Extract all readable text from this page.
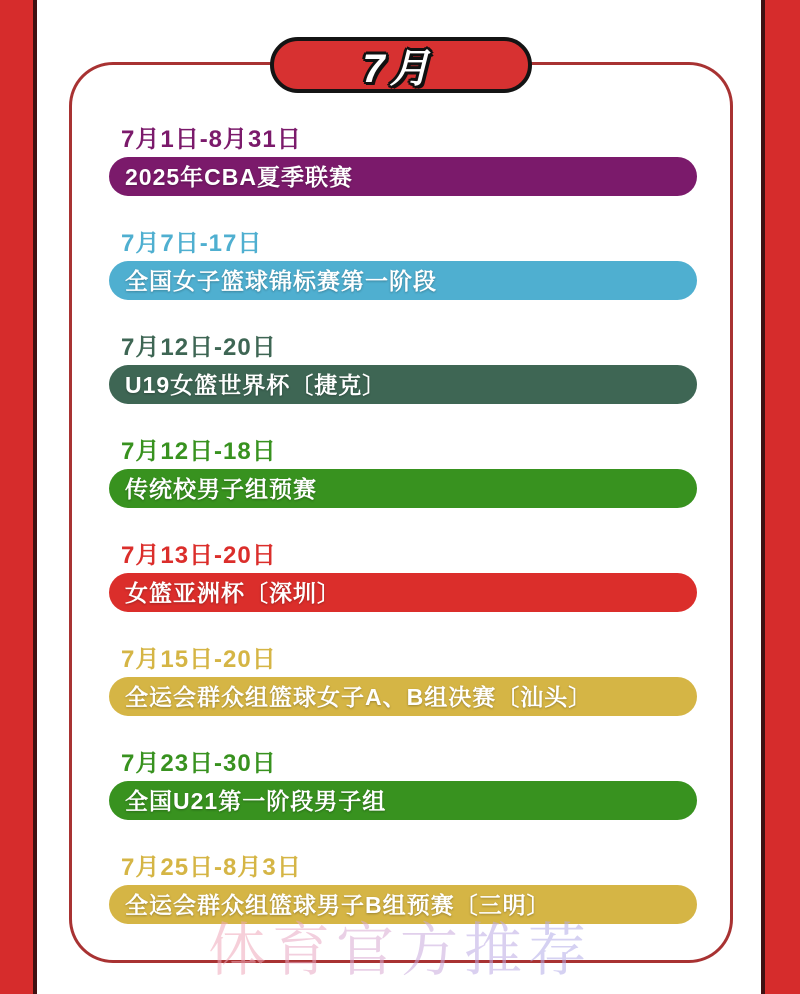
7月
7月1日-8月31日
2025年CBA夏季联赛
7月7日-17日
全国女子篮球锦标赛第一阶段
7月12日-20日
U19女篮世界杯〔捷克〕
7月12日-18日
传统校男子组预赛
7月13日-20日
女篮亚洲杯〔深圳〕
7月15日-20日
全运会群众组篮球女子A、B组决赛〔汕头〕
7月23日-30日
全国U21第一阶段男子组
7月25日-8月3日
全运会群众组篮球男子B组预赛〔三明〕
体育官方推荐
